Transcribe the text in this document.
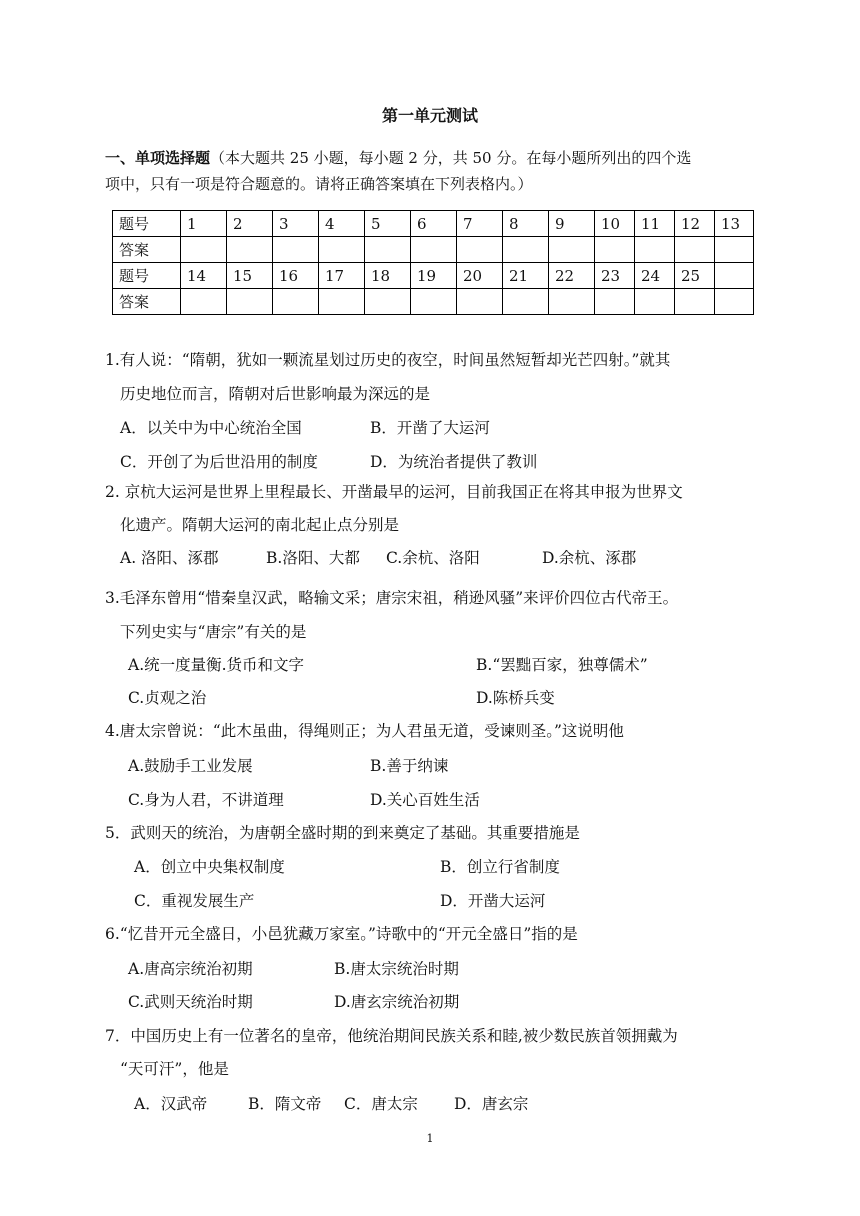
第一单元测试
一、单项选择题（本大题共 25 小题，每小题 2 分，共 50 分。在每小题所列出的四个选
项中，只有一项是符合题意的。请将正确答案填在下列表格内。）
题号	1	2	3	4	5	6	7	8	9	10	11	12	13
答案													
题号	14	15	16	17	18	19	20	21	22	23	24	25	
答案													
1.有人说：“隋朝，犹如一颗流星划过历史的夜空，时间虽然短暂却光芒四射。”就其
历史地位而言，隋朝对后世影响最为深远的是
A．以关中为中心统治全国	B．开凿了大运河
C．开创了为后世沿用的制度	D．为统治者提供了教训
2. 京杭大运河是世界上里程最长、开凿最早的运河，目前我国正在将其申报为世界文
化遗产。隋朝大运河的南北起止点分别是
A. 洛阳、涿郡	B.洛阳、大都 C.余杭、洛阳	D.余杭、涿郡
3.毛泽东曾用“惜秦皇汉武，略输文采；唐宗宋祖，稍逊风骚”来评价四位古代帝王。
下列史实与“唐宗”有关的是
A.统一度量衡.货币和文字	B.“罢黜百家，独尊儒术”
C.贞观之治	D.陈桥兵变
4.唐太宗曾说：“此木虽曲，得绳则正；为人君虽无道，受谏则圣。”这说明他
A.鼓励手工业发展	B.善于纳谏
C.身为人君，不讲道理	D.关心百姓生活
5．武则天的统治，为唐朝全盛时期的到来奠定了基础。其重要措施是
A．创立中央集权制度	B．创立行省制度
C．重视发展生产	D．开凿大运河
6.“忆昔开元全盛日，小邑犹藏万家室。”诗歌中的“开元全盛日”指的是
A.唐高宗统治初期	B.唐太宗统治时期
C.武则天统治时期	D.唐玄宗统治初期
7．中国历史上有一位著名的皇帝，他统治期间民族关系和睦,被少数民族首领拥戴为
“天可汗”，他是
A．汉武帝	B．隋文帝 C．唐太宗 D．唐玄宗
1
